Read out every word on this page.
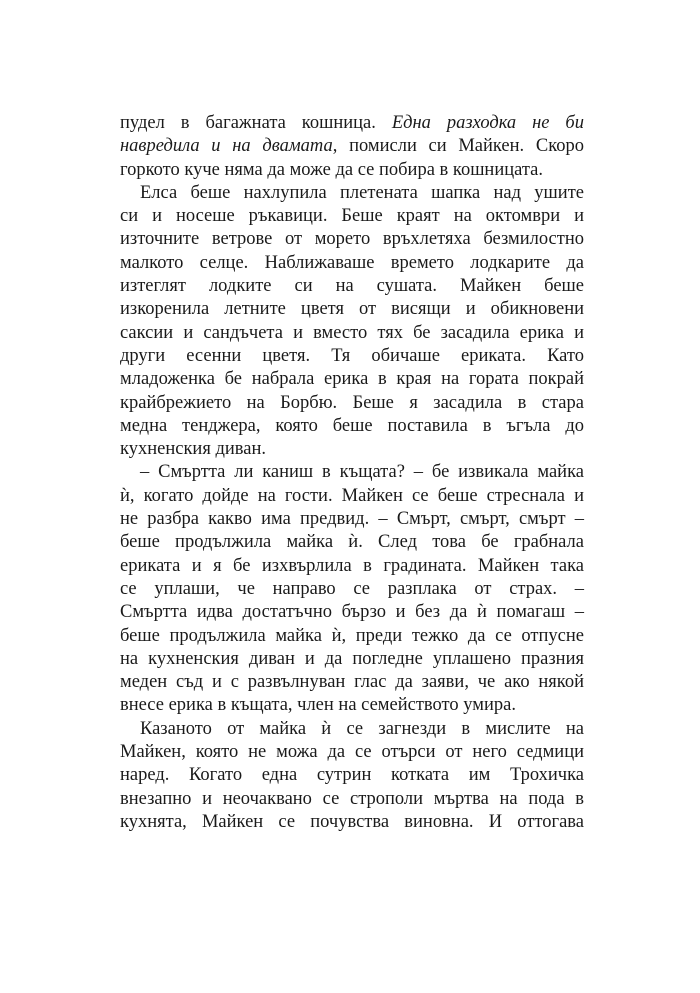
пудел в багажната кошница. Една разходка не би
навредила и на двамата, помисли си Майкен. Скоро
горкото куче няма да може да се побира в кошницата.
Елса беше нахлупила плетената шапка над ушите
си и носеше ръкавици. Беше краят на октомври и
източните ветрове от морето връхлетяха безмилостно
малкото селце. Наближаваше времето лодкарите да
изтеглят лодките си на сушата. Майкен беше
изкоренила летните цветя от висящи и обикновени
саксии и сандъчета и вместо тях бе засадила ерика и
други есенни цветя. Тя обичаше ериката. Като
младоженка бе набрала ерика в края на гората покрай
крайбрежието на Борбю. Беше я засадила в стара
медна тенджера, която беше поставила в ъгъла до
кухненския диван.
– Смъртта ли каниш в къщата? – бе извикала майка
ѝ, когато дойде на гости. Майкен се беше стреснала и
не разбра какво има предвид. – Смърт, смърт, смърт –
беше продължила майка ѝ. След това бе грабнала
ериката и я бе изхвърлила в градината. Майкен така
се уплаши, че направо се разплака от страх. –
Смъртта идва достатъчно бързо и без да ѝ помагаш –
беше продължила майка ѝ, преди тежко да се отпусне
на кухненския диван и да погледне уплашено празния
меден съд и с развълнуван глас да заяви, че ако някой
внесе ерика в къщата, член на семейството умира.
Казаното от майка ѝ се загнезди в мислите на
Майкен, която не можа да се отърси от него седмици
наред. Когато една сутрин котката им Трохичка
внезапно и неочаквано се строполи мъртва на пода в
кухнята, Майкен се почувства виновна. И оттогава
